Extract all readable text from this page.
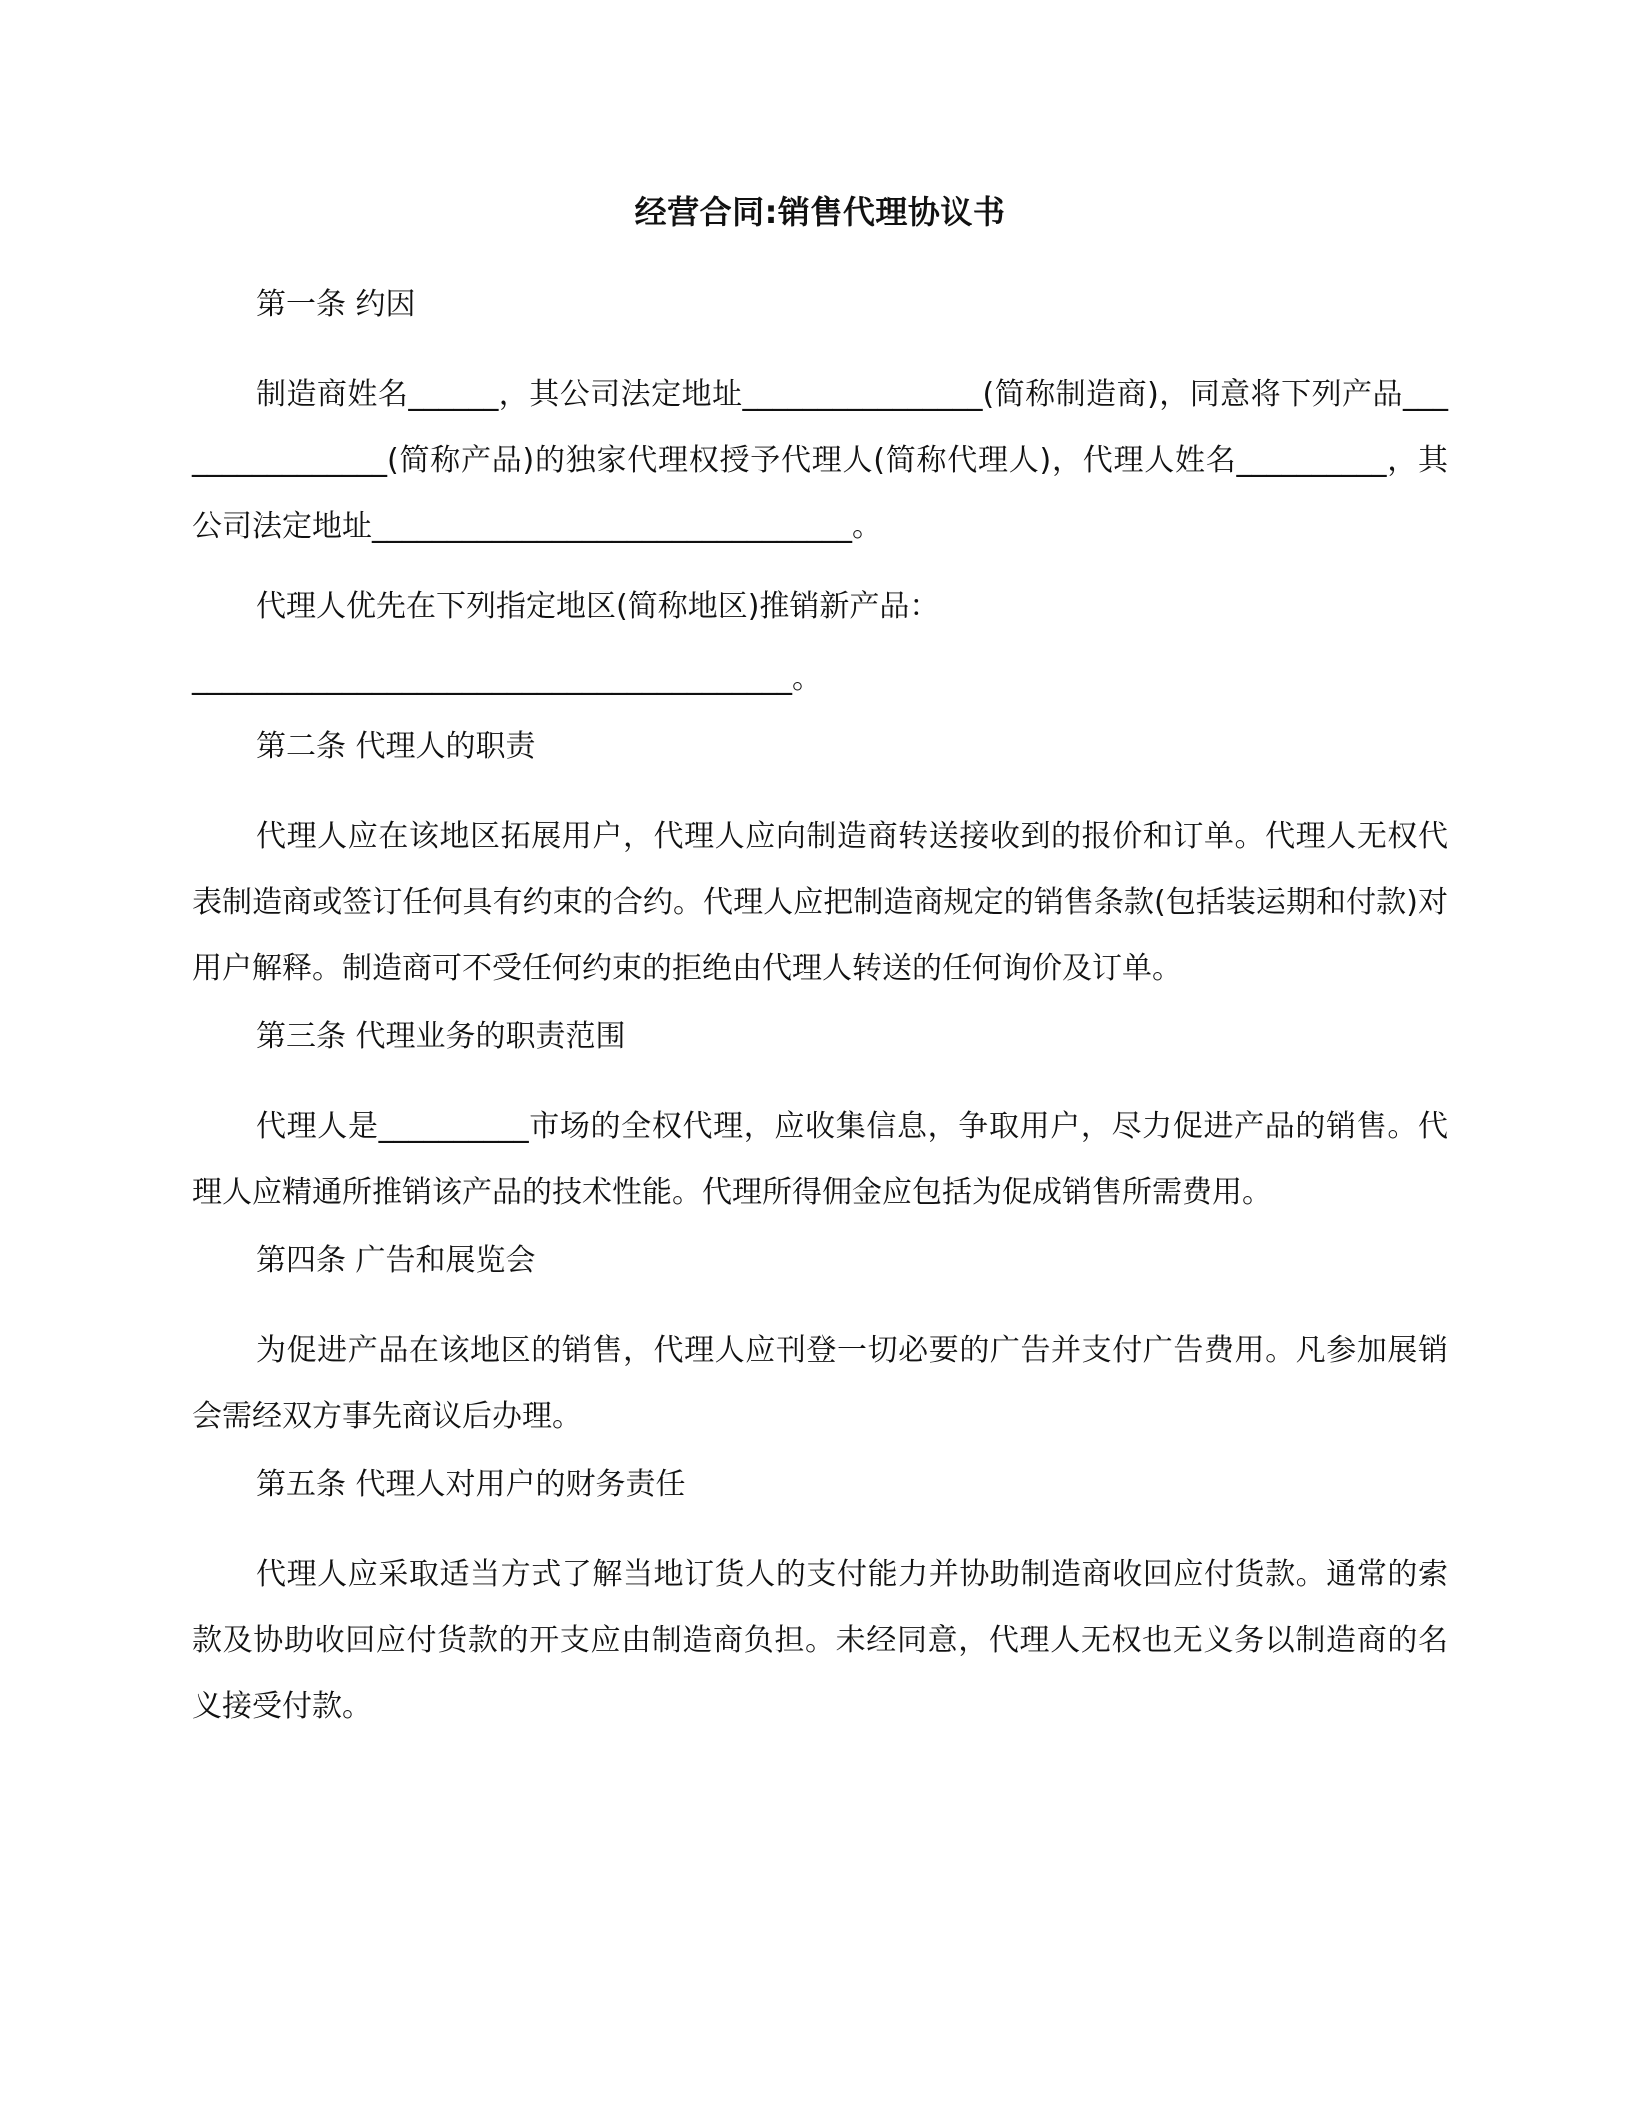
经营合同:销售代理协议书
第一条 约因
制造商姓名______，其公司法定地址________________(简称制造商)，同意将下列产品________________(简称产品)的独家代理权授予代理人(简称代理人)，代理人姓名__________，其公司法定地址________________________________。
代理人优先在下列指定地区(简称地区)推销新产品：
________________________________________。
第二条 代理人的职责
代理人应在该地区拓展用户，代理人应向制造商转送接收到的报价和订单。代理人无权代表制造商或签订任何具有约束的合约。代理人应把制造商规定的销售条款(包括装运期和付款)对用户解释。制造商可不受任何约束的拒绝由代理人转送的任何询价及订单。
第三条 代理业务的职责范围
代理人是__________市场的全权代理，应收集信息，争取用户，尽力促进产品的销售。代理人应精通所推销该产品的技术性能。代理所得佣金应包括为促成销售所需费用。
第四条 广告和展览会
为促进产品在该地区的销售，代理人应刊登一切必要的广告并支付广告费用。凡参加展销会需经双方事先商议后办理。
第五条 代理人对用户的财务责任
代理人应采取适当方式了解当地订货人的支付能力并协助制造商收回应付货款。通常的索款及协助收回应付货款的开支应由制造商负担。未经同意，代理人无权也无义务以制造商的名义接受付款。
